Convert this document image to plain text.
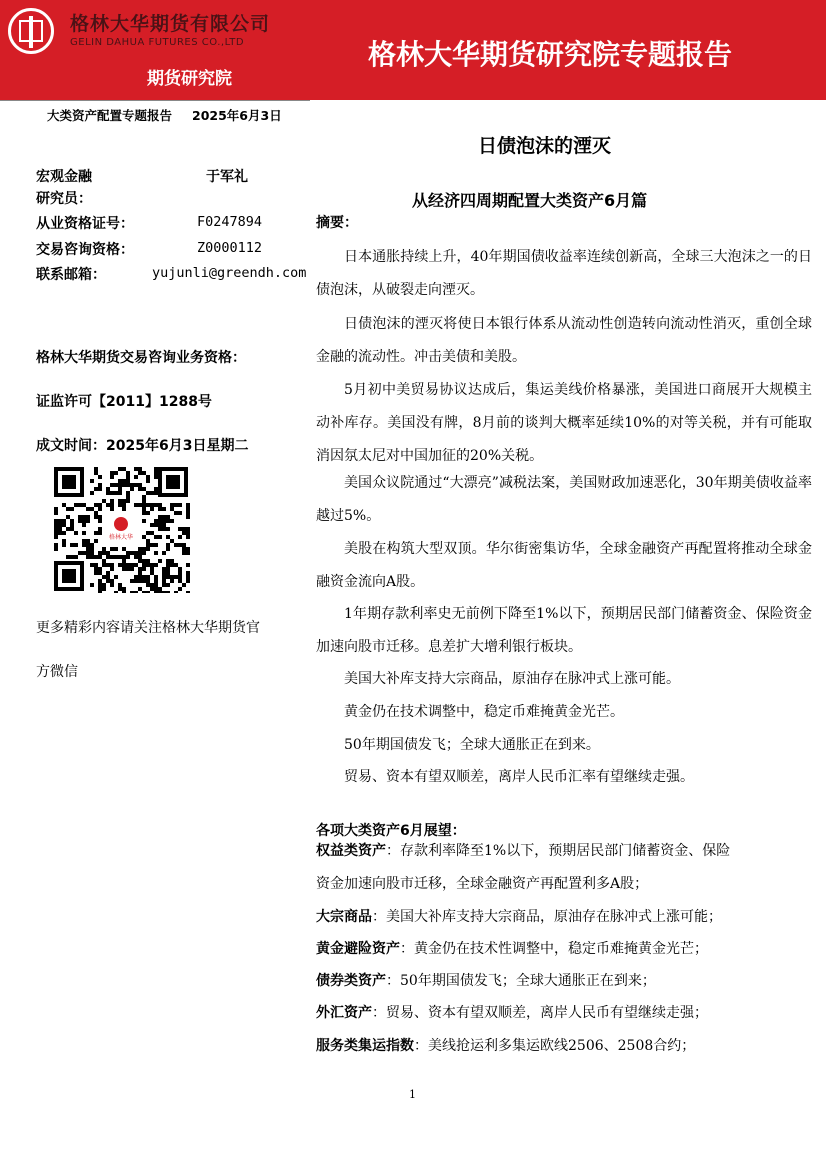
格林大华期货有限公司
GELIN DAHUA FUTURES CO.,LTD
期货研究院
格林大华期货研究院专题报告
大类资产配置专题报告 2025年6月3日
宏观金融	于军礼
研究员：
从业资格证号：	F0247894
交易咨询资格：	Z0000112
联系邮箱：	yujunli@greendh.com
格林大华期货交易咨询业务资格：
证监许可【2011】1288号
成文时间：2025年6月3日星期二
格林大华
更多精彩内容请关注格林大华期货官
方微信
日债泡沫的湮灭
从经济四周期配置大类资产6月篇
摘要：

日本通胀持续上升，40年期国债收益率连续创新高，全球三大泡沫之一的日债泡沫，从破裂走向湮灭。

日债泡沫的湮灭将使日本银行体系从流动性创造转向流动性消灭，重创全球金融的流动性。冲击美债和美股。

5月初中美贸易协议达成后，集运美线价格暴涨，美国进口商展开大规模主动补库存。美国没有牌，8月前的谈判大概率延续10%的对等关税，并有可能取消因氛太尼对中国加征的20%关税。

美国众议院通过“大漂亮”减税法案，美国财政加速恶化，30年期美债收益率越过5%。

美股在构筑大型双顶。华尔街密集访华，全球金融资产再配置将推动全球金融资金流向A股。

1年期存款利率史无前例下降至1%以下，预期居民部门储蓄资金、保险资金加速向股市迁移。息差扩大增利银行板块。

美国大补库支持大宗商品，原油存在脉冲式上涨可能。

黄金仍在技术调整中，稳定币难掩黄金光芒。

50年期国债发飞；全球大通胀正在到来。

贸易、资本有望双顺差，离岸人民币汇率有望继续走强。

各项大类资产6月展望：
权益类资产：存款利率降至1%以下，预期居民部门储蓄资金、保险
资金加速向股市迁移，全球金融资产再配置利多A股；
大宗商品：美国大补库支持大宗商品，原油存在脉冲式上涨可能；
黄金避险资产：黄金仍在技术性调整中，稳定币难掩黄金光芒；
债券类资产：50年期国债发飞；全球大通胀正在到来；
外汇资产：贸易、资本有望双顺差，离岸人民币有望继续走强；
服务类集运指数：美线抢运利多集运欧线2506、2508合约；
1
